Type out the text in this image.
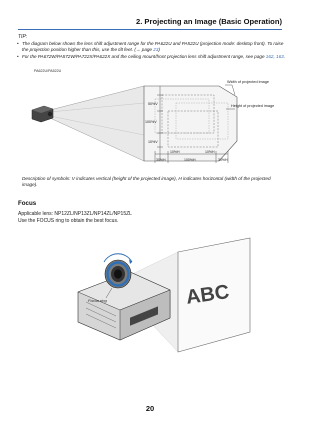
2. Projecting an Image (Basic Operation)
TIP:
• The diagram below shows the lens shift adjustment range for the PA622U and PA522U (projection mode: desktop front). To raise the projection position higher than this, use the tilt feet. (→ page 23)
• For the PA672W/PA572W/PA722X/PA622X and the ceiling mount/front projection lens shift adjustment range, see page 162, 163.
PA622U/PA522U
50%V
100%V
10%V
10%H	10%H
30%H	100%H	30%H
Width of projected image
Height of projected image
Description of symbols: V indicates vertical (height of the projected image), H indicates horizontal (width of the projected image).
Focus
Applicable lens: NP12ZL/NP13ZL/NP14ZL/NP15ZL
Use the FOCUS ring to obtain the best focus.
ABC
Focus ring
20
